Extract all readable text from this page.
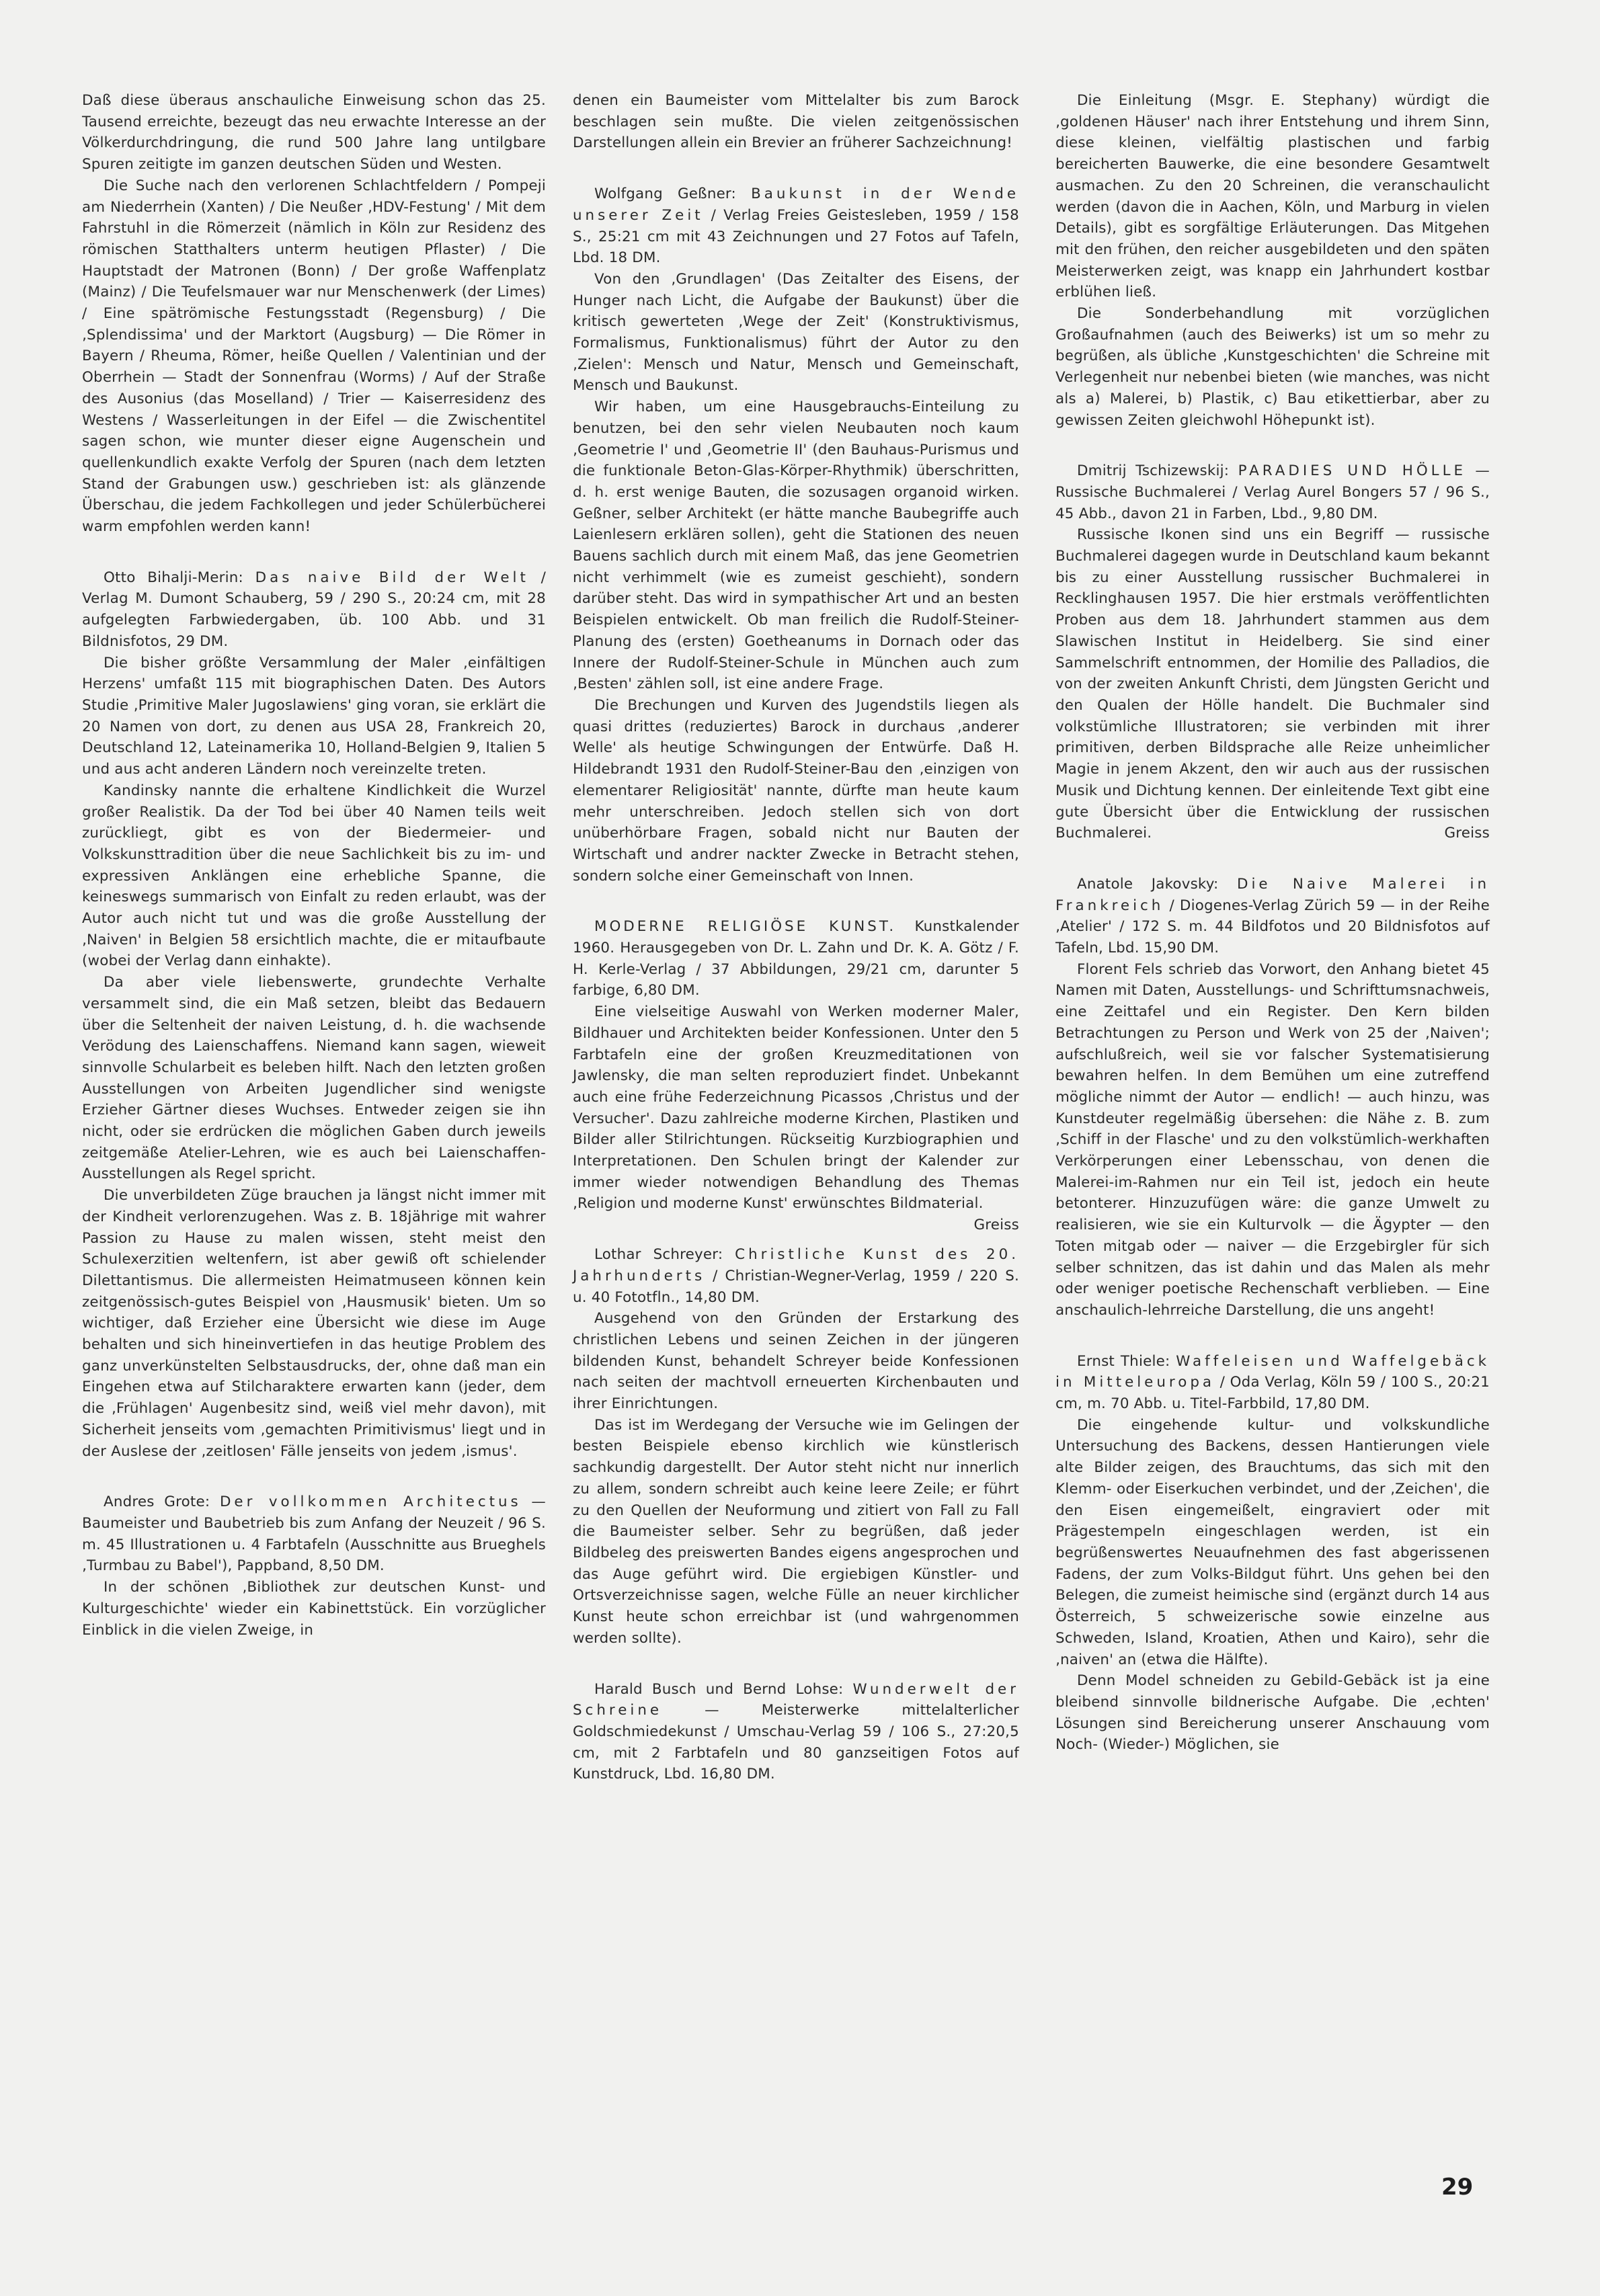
Daß diese überaus anschauliche Einweisung schon das 25. Tausend erreichte, bezeugt das neu erwachte Interesse an der Völkerdurchdringung, die rund 500 Jahre lang untilgbare Spuren zeitigte im ganzen deutschen Süden und Westen.

Die Suche nach den verlorenen Schlachtfeldern / Pompeji am Niederrhein (Xanten) / Die Neußer ‚HDV-Festung' / Mit dem Fahrstuhl in die Römerzeit (nämlich in Köln zur Residenz des römischen Statthalters unterm heutigen Pflaster) / Die Hauptstadt der Matronen (Bonn) / Der große Waffenplatz (Mainz) / Die Teufelsmauer war nur Menschenwerk (der Limes) / Eine spätrömische Festungsstadt (Regensburg) / Die ‚Splendissima' und der Marktort (Augsburg) — Die Römer in Bayern / Rheuma, Römer, heiße Quellen / Valentinian und der Oberrhein — Stadt der Sonnenfrau (Worms) / Auf der Straße des Ausonius (das Moselland) / Trier — Kaiserresidenz des Westens / Wasserleitungen in der Eifel — die Zwischentitel sagen schon, wie munter dieser eigne Augenschein und quellenkundlich exakte Verfolg der Spuren (nach dem letzten Stand der Grabungen usw.) geschrieben ist: als glänzende Überschau, die jedem Fachkollegen und jeder Schülerbücherei warm empfohlen werden kann!

Otto Bihalji-Merin: Das naive Bild der Welt / Verlag M. Dumont Schauberg, 59 / 290 S., 20:24 cm, mit 28 aufgelegten Farbwiedergaben, üb. 100 Abb. und 31 Bildnisfotos, 29 DM.

Die bisher größte Versammlung der Maler ‚einfältigen Herzens' umfaßt 115 mit biographischen Daten. Des Autors Studie ‚Primitive Maler Jugoslawiens' ging voran, sie erklärt die 20 Namen von dort, zu denen aus USA 28, Frankreich 20, Deutschland 12, Lateinamerika 10, Holland-Belgien 9, Italien 5 und aus acht anderen Ländern noch vereinzelte treten.

Kandinsky nannte die erhaltene Kindlichkeit die Wurzel großer Realistik. Da der Tod bei über 40 Namen teils weit zurückliegt, gibt es von der Biedermeier- und Volkskunsttradition über die neue Sachlichkeit bis zu im- und expressiven Anklängen eine erhebliche Spanne, die keineswegs summarisch von Einfalt zu reden erlaubt, was der Autor auch nicht tut und was die große Ausstellung der ‚Naiven' in Belgien 58 ersichtlich machte, die er mitaufbaute (wobei der Verlag dann einhakte).

Da aber viele liebenswerte, grundechte Verhalte versammelt sind, die ein Maß setzen, bleibt das Bedauern über die Seltenheit der naiven Leistung, d. h. die wachsende Verödung des Laienschaffens. Niemand kann sagen, wieweit sinnvolle Schularbeit es beleben hilft. Nach den letzten großen Ausstellungen von Arbeiten Jugendlicher sind wenigste Erzieher Gärtner dieses Wuchses. Entweder zeigen sie ihn nicht, oder sie erdrücken die möglichen Gaben durch jeweils zeitgemäße Atelier-Lehren, wie es auch bei Laienschaffen-Ausstellungen als Regel spricht.

Die unverbildeten Züge brauchen ja längst nicht immer mit der Kindheit verlorenzugehen. Was z. B. 18jährige mit wahrer Passion zu Hause zu malen wissen, steht meist den Schulexerzitien weltenfern, ist aber gewiß oft schielender Dilettantismus. Die allermeisten Heimatmuseen können kein zeitgenössisch-gutes Beispiel von ‚Hausmusik' bieten. Um so wichtiger, daß Erzieher eine Übersicht wie diese im Auge behalten und sich hineinvertiefen in das heutige Problem des ganz unverkünstelten Selbstausdrucks, der, ohne daß man ein Eingehen etwa auf Stilcharaktere erwarten kann (jeder, dem die ‚Frühlagen' Augenbesitz sind, weiß viel mehr davon), mit Sicherheit jenseits vom ‚gemachten Primitivismus' liegt und in der Auslese der ‚zeitlosen' Fälle jenseits von jedem ‚ismus'.

Andres Grote: Der vollkommen Architectus — Baumeister und Baubetrieb bis zum Anfang der Neuzeit / 96 S. m. 45 Illustrationen u. 4 Farbtafeln (Ausschnitte aus Brueghels ‚Turmbau zu Babel'), Pappband, 8,50 DM.

In der schönen ‚Bibliothek zur deutschen Kunst- und Kulturgeschichte' wieder ein Kabinettstück. Ein vorzüglicher Einblick in die vielen Zweige, in

denen ein Baumeister vom Mittelalter bis zum Barock beschlagen sein mußte. Die vielen zeitgenössischen Darstellungen allein ein Brevier an früherer Sachzeichnung!

Wolfgang Geßner: Baukunst in der Wende unserer Zeit / Verlag Freies Geistesleben, 1959 / 158 S., 25:21 cm mit 43 Zeichnungen und 27 Fotos auf Tafeln, Lbd. 18 DM.

Von den ‚Grundlagen' (Das Zeitalter des Eisens, der Hunger nach Licht, die Aufgabe der Baukunst) über die kritisch gewerteten ‚Wege der Zeit' (Konstruktivismus, Formalismus, Funktionalismus) führt der Autor zu den ‚Zielen': Mensch und Natur, Mensch und Gemeinschaft, Mensch und Baukunst.

Wir haben, um eine Hausgebrauchs-Einteilung zu benutzen, bei den sehr vielen Neubauten noch kaum ‚Geometrie I' und ‚Geometrie II' (den Bauhaus-Purismus und die funktionale Beton-Glas-Körper-Rhythmik) überschritten, d. h. erst wenige Bauten, die sozusagen organoid wirken. Geßner, selber Architekt (er hätte manche Baubegriffe auch Laienlesern erklären sollen), geht die Stationen des neuen Bauens sachlich durch mit einem Maß, das jene Geometrien nicht verhimmelt (wie es zumeist geschieht), sondern darüber steht. Das wird in sympathischer Art und an besten Beispielen entwickelt. Ob man freilich die Rudolf-Steiner-Planung des (ersten) Goetheanums in Dornach oder das Innere der Rudolf-Steiner-Schule in München auch zum ‚Besten' zählen soll, ist eine andere Frage.

Die Brechungen und Kurven des Jugendstils liegen als quasi drittes (reduziertes) Barock in durchaus ‚anderer Welle' als heutige Schwingungen der Entwürfe. Daß H. Hildebrandt 1931 den Rudolf-Steiner-Bau den ‚einzigen von elementarer Religiosität' nannte, dürfte man heute kaum mehr unterschreiben. Jedoch stellen sich von dort unüberhörbare Fragen, sobald nicht nur Bauten der Wirtschaft und andrer nackter Zwecke in Betracht stehen, sondern solche einer Gemeinschaft von Innen.

MODERNE RELIGIÖSE KUNST. Kunstkalender 1960. Herausgegeben von Dr. L. Zahn und Dr. K. A. Götz / F. H. Kerle-Verlag / 37 Abbildungen, 29/21 cm, darunter 5 farbige, 6,80 DM.

Eine vielseitige Auswahl von Werken moderner Maler, Bildhauer und Architekten beider Konfessionen. Unter den 5 Farbtafeln eine der großen Kreuzmeditationen von Jawlensky, die man selten reproduziert findet. Unbekannt auch eine frühe Federzeichnung Picassos ‚Christus und der Versucher'. Dazu zahlreiche moderne Kirchen, Plastiken und Bilder aller Stilrichtungen. Rückseitig Kurzbiographien und Interpretationen. Den Schulen bringt der Kalender zur immer wieder notwendigen Behandlung des Themas ‚Religion und moderne Kunst' erwünschtes Bildmaterial.
Greiss

Lothar Schreyer: Christliche Kunst des 20. Jahrhunderts / Christian-Wegner-Verlag, 1959 / 220 S. u. 40 Fototfln., 14,80 DM.

Ausgehend von den Gründen der Erstarkung des christlichen Lebens und seinen Zeichen in der jüngeren bildenden Kunst, behandelt Schreyer beide Konfessionen nach seiten der machtvoll erneuerten Kirchenbauten und ihrer Einrichtungen.

Das ist im Werdegang der Versuche wie im Gelingen der besten Beispiele ebenso kirchlich wie künstlerisch sachkundig dargestellt. Der Autor steht nicht nur innerlich zu allem, sondern schreibt auch keine leere Zeile; er führt zu den Quellen der Neuformung und zitiert von Fall zu Fall die Baumeister selber. Sehr zu begrüßen, daß jeder Bildbeleg des preiswerten Bandes eigens angesprochen und das Auge geführt wird. Die ergiebigen Künstler- und Ortsverzeichnisse sagen, welche Fülle an neuer kirchlicher Kunst heute schon erreichbar ist (und wahrgenommen werden sollte).

Harald Busch und Bernd Lohse: Wunderwelt der Schreine	— Meisterwerke mittelalterlicher Goldschmiedekunst / Umschau-Verlag 59 / 106 S., 27:20,5 cm, mit 2 Farbtafeln und 80 ganzseitigen Fotos auf Kunstdruck, Lbd. 16,80 DM.

Die Einleitung (Msgr. E. Stephany) würdigt die ‚goldenen Häuser' nach ihrer Entstehung und ihrem Sinn, diese kleinen, vielfältig plastischen und farbig bereicherten Bauwerke, die eine besondere Gesamtwelt ausmachen. Zu den 20 Schreinen, die veranschaulicht werden (davon die in Aachen, Köln, und Marburg in vielen Details), gibt es sorgfältige Erläuterungen. Das Mitgehen mit den frühen, den reicher ausgebildeten und den späten Meisterwerken zeigt, was knapp ein Jahrhundert kostbar erblühen ließ.

Die Sonderbehandlung mit vorzüglichen Großaufnahmen (auch des Beiwerks) ist um so mehr zu begrüßen, als übliche ‚Kunstgeschichten' die Schreine mit Verlegenheit nur nebenbei bieten (wie manches, was nicht als a) Malerei, b) Plastik, c) Bau etikettierbar, aber zu gewissen Zeiten gleichwohl Höhepunkt ist).

Dmitrij Tschizewskij: PARADIES UND HÖLLE — Russische Buchmalerei / Verlag Aurel Bongers 57 / 96 S., 45 Abb., davon 21 in Farben, Lbd., 9,80 DM.

Russische Ikonen sind uns ein Begriff — russische Buchmalerei dagegen wurde in Deutschland kaum bekannt bis zu einer Ausstellung russischer Buchmalerei in Recklinghausen 1957. Die hier erstmals veröffentlichten Proben aus dem 18. Jahrhundert stammen aus dem Slawischen Institut in Heidelberg. Sie sind einer Sammelschrift entnommen, der Homilie des Palladios, die von der zweiten Ankunft Christi, dem Jüngsten Gericht und den Qualen der Hölle handelt. Die Buchmaler sind volkstümliche Illustratoren; sie verbinden mit ihrer primitiven, derben Bildsprache alle Reize unheimlicher Magie in jenem Akzent, den wir auch aus der russischen Musik und Dichtung kennen. Der einleitende Text gibt eine gute Übersicht über die Entwicklung der russischen Buchmalerei.	Greiss

Anatole Jakovsky: Die Naive Malerei in Frankreich / Diogenes-Verlag Zürich 59 — in der Reihe ‚Atelier' / 172 S. m. 44 Bildfotos und 20 Bildnisfotos auf Tafeln, Lbd. 15,90 DM.

Florent Fels schrieb das Vorwort, den Anhang bietet 45 Namen mit Daten, Ausstellungs- und Schrifttumsnachweis, eine Zeittafel und ein Register. Den Kern bilden Betrachtungen zu Person und Werk von 25 der ‚Naiven'; aufschlußreich, weil sie vor falscher Systematisierung bewahren helfen. In dem Bemühen um eine zutreffend mögliche nimmt der Autor — endlich! — auch hinzu, was Kunstdeuter regelmäßig übersehen: die Nähe z. B. zum ‚Schiff in der Flasche' und zu den volkstümlich-werkhaften Verkörperungen einer Lebensschau, von denen die Malerei-im-Rahmen nur ein Teil ist, jedoch ein heute betonterer. Hinzuzufügen wäre: die ganze Umwelt zu realisieren, wie sie ein Kulturvolk — die Ägypter — den Toten mitgab oder — naiver — die Erzgebirgler für sich selber schnitzen, das ist dahin und das Malen als mehr oder weniger poetische Rechenschaft verblieben. — Eine anschaulich-lehrreiche Darstellung, die uns angeht!

Ernst Thiele: Waffeleisen und Waffelgebäck in Mitteleuropa / Oda Verlag, Köln 59 / 100 S., 20:21 cm, m. 70 Abb. u. Titel-Farbbild, 17,80 DM.

Die eingehende kultur- und volkskundliche Untersuchung des Backens, dessen Hantierungen viele alte Bilder zeigen, des Brauchtums, das sich mit den Klemm- oder Eiserkuchen verbindet, und der ‚Zeichen', die den Eisen eingemeißelt, eingraviert oder mit Prägestempeln eingeschlagen werden, ist ein begrüßenswertes Neuaufnehmen des fast abgerissenen Fadens, der zum Volks-Bildgut führt. Uns gehen bei den Belegen, die zumeist heimische sind (ergänzt durch 14 aus Österreich, 5 schweizerische sowie einzelne aus Schweden, Island, Kroatien, Athen und Kairo), sehr die ‚naiven' an (etwa die Hälfte).

Denn Model schneiden zu Gebild-Gebäck ist ja eine bleibend sinnvolle bildnerische Aufgabe. Die ‚echten' Lösungen sind Bereicherung unserer Anschauung vom Noch- (Wieder-) Möglichen, sie

29
